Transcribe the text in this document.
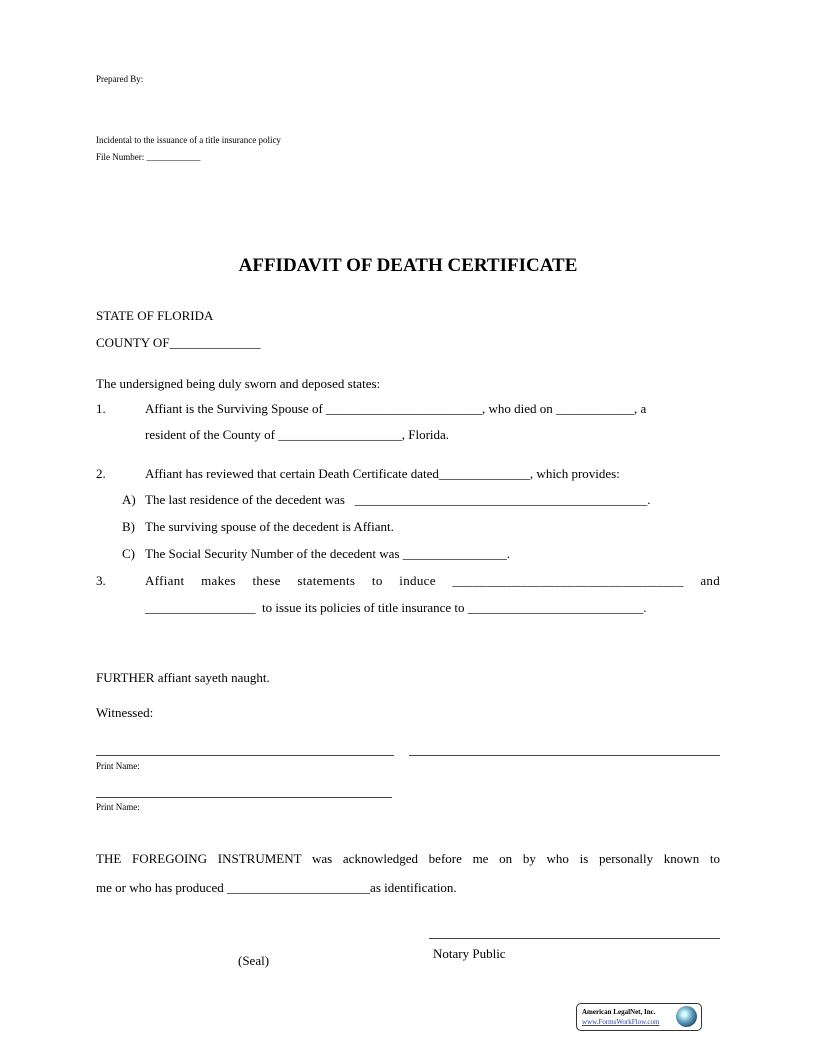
Prepared By:
Incidental to the issuance of a title insurance policy
File Number: ____________
AFFIDAVIT OF DEATH CERTIFICATE
STATE OF FLORIDA
COUNTY OF______________
The undersigned being duly sworn and deposed states:
1.	Affiant is the Surviving Spouse of ________________________, who died on ____________, a
resident of the County of ___________________, Florida.
2.	Affiant has reviewed that certain Death Certificate dated______________, which provides:
A) The last residence of the decedent was   _____________________________________________.
B) The surviving spouse of the decedent is Affiant.
C) The Social Security Number of the decedent was ________________.
3.	Affiant makes these statements to induce __________________________________ and
_________________  to issue its policies of title insurance to ___________________________.
FURTHER affiant sayeth naught.
Witnessed:
Print Name:
Print Name:
THE FOREGOING INSTRUMENT was acknowledged before me on by who is personally known to
me or who has produced ______________________as identification.
Notary Public
(Seal)
American LegalNet, Inc.
www.FormsWorkFlow.com
